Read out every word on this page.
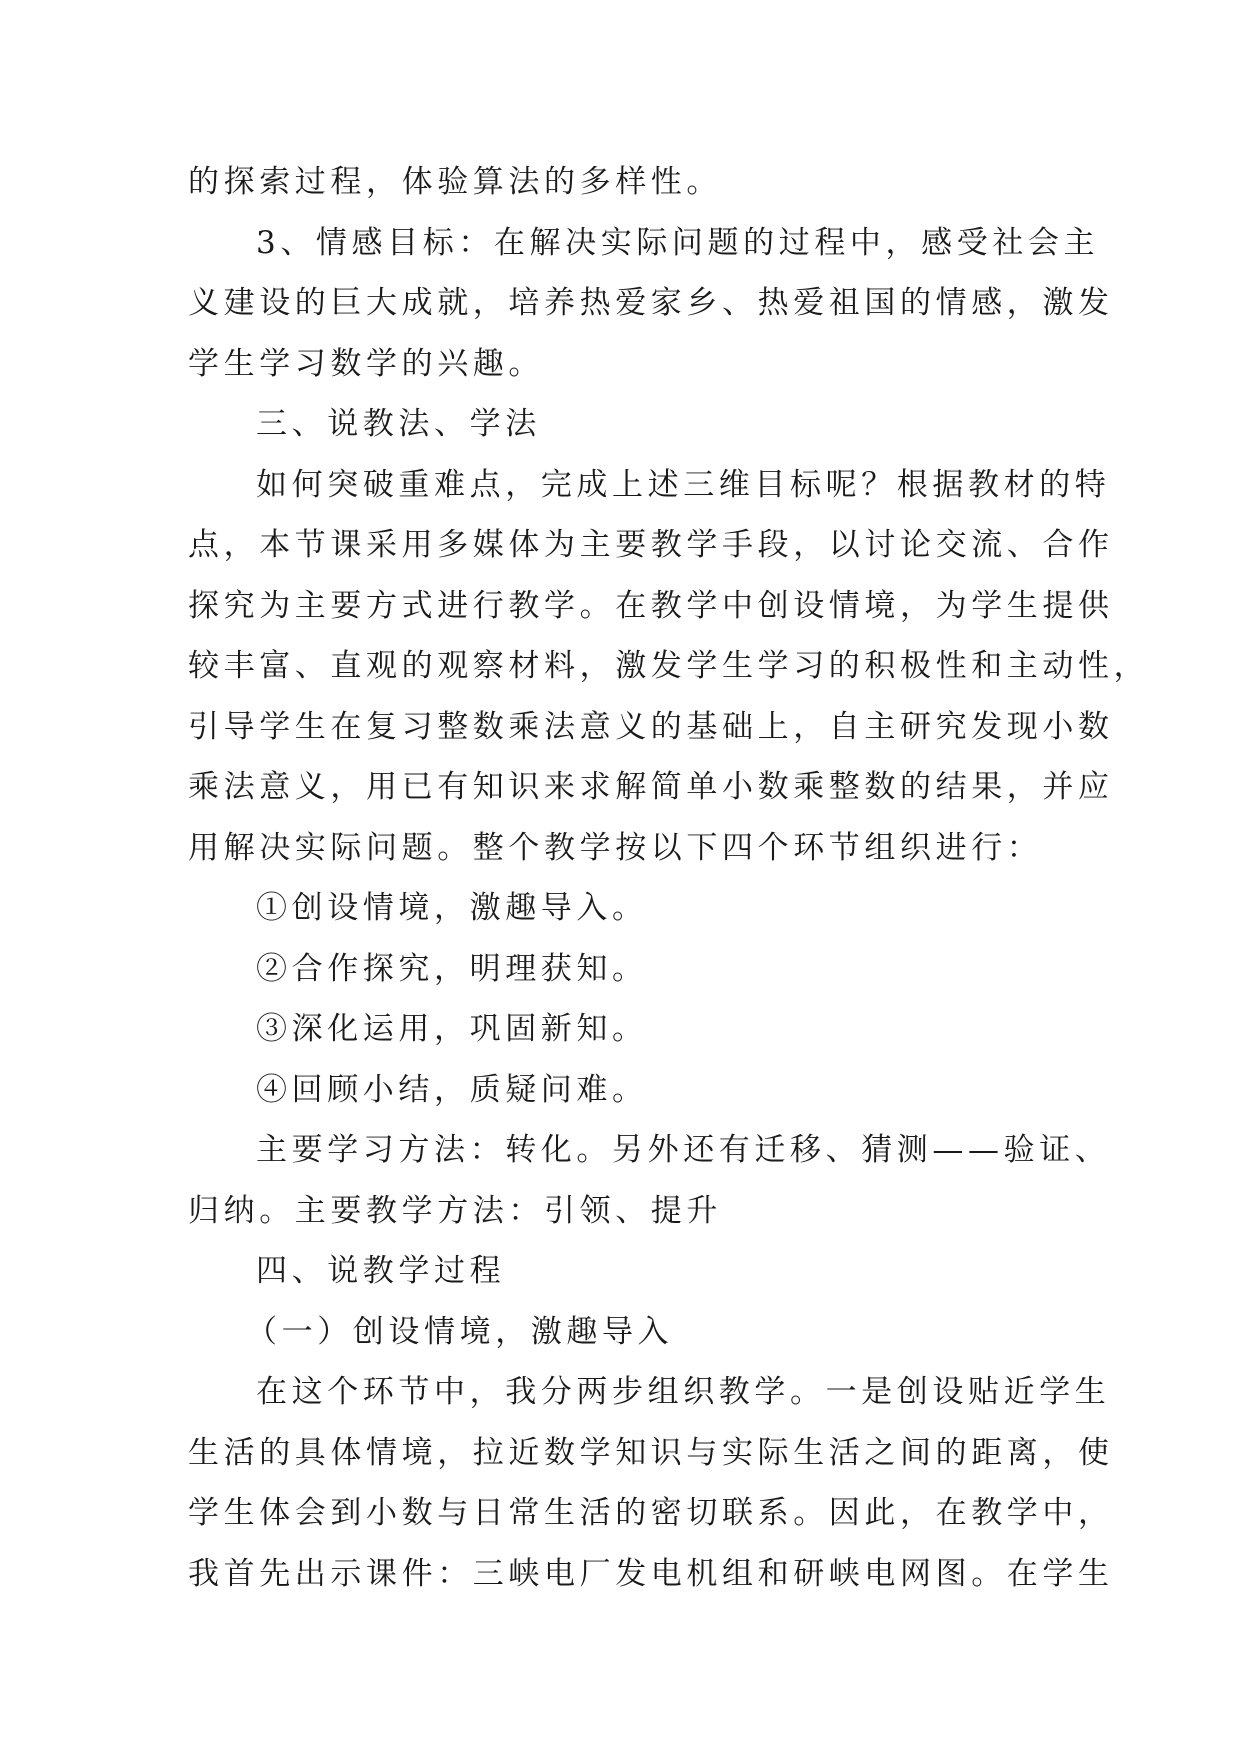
的探索过程，体验算法的多样性。
3、情感目标：在解决实际问题的过程中，感受社会主
义建设的巨大成就，培养热爱家乡、热爱祖国的情感，激发
学生学习数学的兴趣。
三、说教法、学法
如何突破重难点，完成上述三维目标呢？根据教材的特
点，本节课采用多媒体为主要教学手段，以讨论交流、合作
探究为主要方式进行教学。在教学中创设情境，为学生提供
较丰富、直观的观察材料，激发学生学习的积极性和主动性，
引导学生在复习整数乘法意义的基础上，自主研究发现小数
乘法意义，用已有知识来求解简单小数乘整数的结果，并应
用解决实际问题。整个教学按以下四个环节组织进行：
①创设情境，激趣导入。
②合作探究，明理获知。
③深化运用，巩固新知。
④回顾小结，质疑问难。
主要学习方法：转化。另外还有迁移、猜测——验证、
归纳。主要教学方法：引领、提升
四、说教学过程
（一）创设情境，激趣导入
在这个环节中，我分两步组织教学。一是创设贴近学生
生活的具体情境，拉近数学知识与实际生活之间的距离，使
学生体会到小数与日常生活的密切联系。因此，在教学中，
我首先出示课件：三峡电厂发电机组和研峡电网图。在学生
